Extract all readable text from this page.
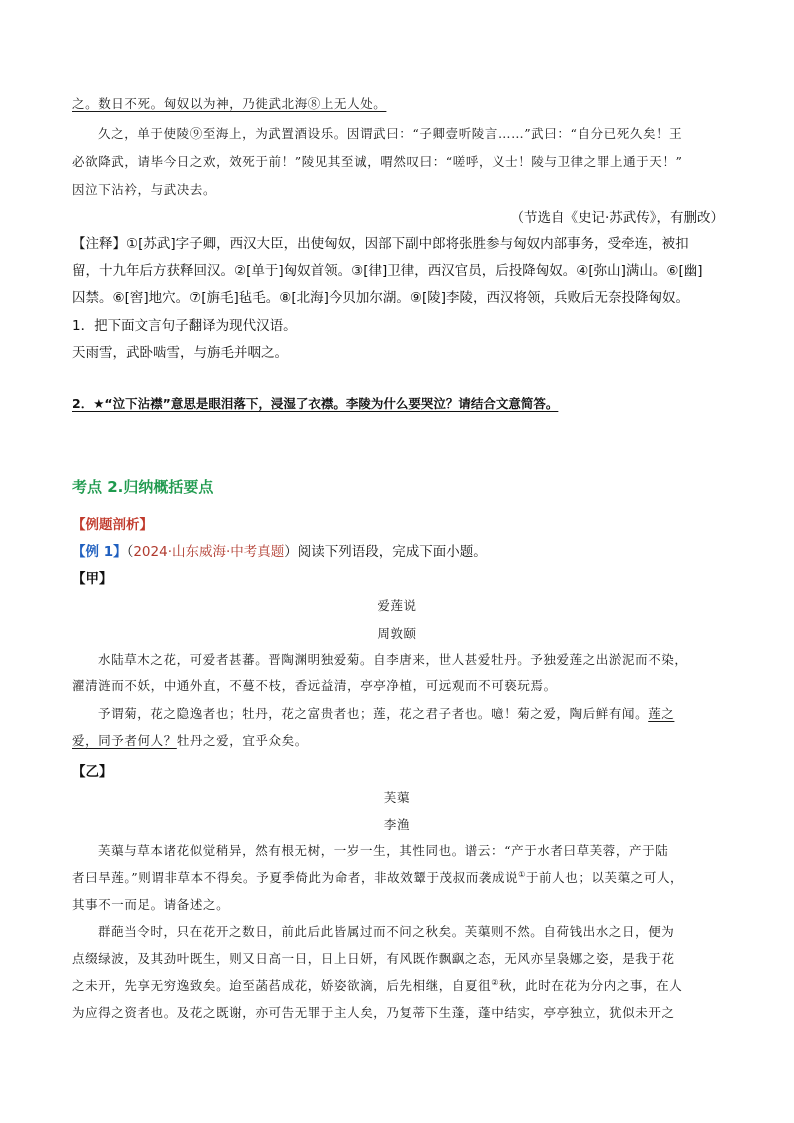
之。数日不死。匈奴以为神，乃徙武北海⑧上无人处。
久之，单于使陵⑨至海上，为武置酒设乐。因谓武曰：“子卿壹听陵言……”武曰：“自分已死久矣！王
必欲降武，请毕今日之欢，效死于前！”陵见其至诚，喟然叹曰：“嗟呼，义士！陵与卫律之罪上通于天！”
因泣下沾衿，与武决去。
（节选自《史记·苏武传》，有删改）
【注释】①[苏武]字子卿，西汉大臣，出使匈奴，因部下副中郎将张胜参与匈奴内部事务，受牵连，被扣
留，十九年后方获释回汉。②[单于]匈奴首领。③[律]卫律，西汉官员，后投降匈奴。④[弥山]满山。⑥[幽]
囚禁。⑥[窖]地穴。⑦[旃毛]毡毛。⑧[北海]今贝加尔湖。⑨[陵]李陵，西汉将领，兵败后无奈投降匈奴。
1．把下面文言句子翻译为现代汉语。
天雨雪，武卧啮雪，与旃毛并咽之。
2．★“泣下沾襟”意思是眼泪落下，浸湿了衣襟。李陵为什么要哭泣？请结合文意简答。
考点 2.归纳概括要点
【例题剖析】
【例 1】（2024·山东威海·中考真题）阅读下列语段，完成下面小题。
【甲】
爱莲说
周敦颐
水陆草木之花，可爱者甚蕃。晋陶渊明独爱菊。自李唐来，世人甚爱牡丹。予独爱莲之出淤泥而不染，
濯清涟而不妖，中通外直，不蔓不枝，香远益清，亭亭净植，可远观而不可亵玩焉。
予谓菊，花之隐逸者也；牡丹，花之富贵者也；莲，花之君子者也。噫！菊之爱，陶后鲜有闻。莲之
爱，同予者何人？牡丹之爱，宜乎众矣。
【乙】
芙蕖
李渔
芙蕖与草本诸花似觉稍异，然有根无树，一岁一生，其性同也。谱云：“产于水者曰草芙蓉，产于陆
者曰旱莲。”则谓非草本不得矣。予夏季倚此为命者，非故效颦于茂叔而袭成说①于前人也；以芙蕖之可人，
其事不一而足。请备述之。
群葩当令时，只在花开之数日，前此后此皆属过而不问之秋矣。芙蕖则不然。自荷钱出水之日，便为
点缀绿波，及其劲叶既生，则又日高一日，日上日妍，有风既作飘飖之态，无风亦呈袅娜之姿，是我于花
之未开，先享无穷逸致矣。迨至菡萏成花，娇姿欲滴，后先相继，自夏徂②秋，此时在花为分内之事，在人
为应得之资者也。及花之既谢，亦可告无罪于主人矣，乃复蒂下生蓬，蓬中结实，亭亭独立，犹似未开之
